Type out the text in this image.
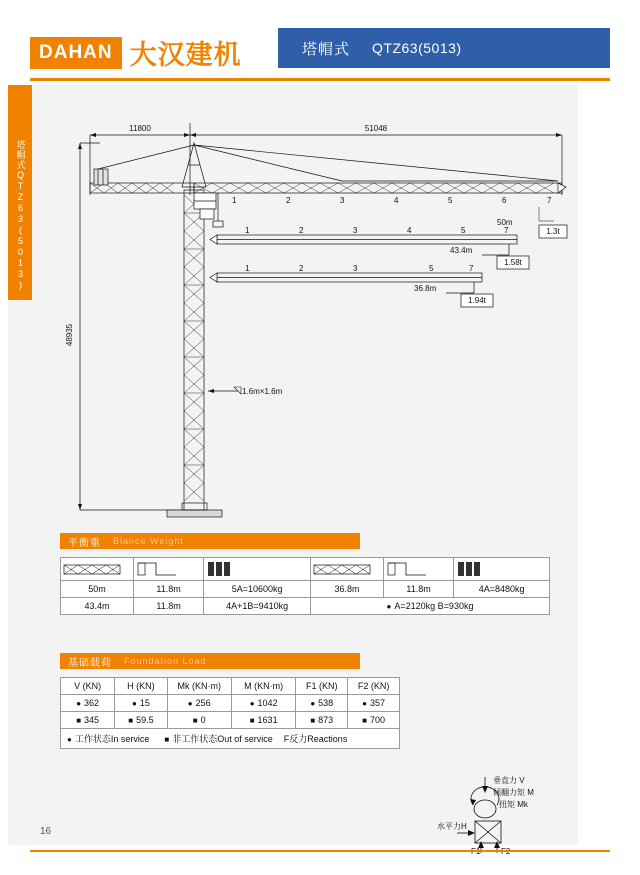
DAHAN 大汉建机	塔帽式 QTZ63(5013)
塔帽式
QTZ63(5013)
11800	51048
48935
1.6m×1.6m
1	2	3	4	5	6	7
50m
1.3t
1	2	3	4	5	7
43.4m
1.58t
1	2	3	5	7
36.8m
1.94t
平衡重 Blance Weight

50m	11.8m	5A=10600kg	36.8m	11.8m	4A=8480kg
43.4m	11.8m	4A+1B=9410kg	● A=2120kg B=930kg
基础载荷 Foundation Load
V (KN)	H (KN)	Mk (KN·m)	M (KN·m)	F1 (KN)	F2 (KN)
● 362	● 15	● 256	● 1042	● 538	● 357
■ 345	■ 59.5	■ 0	■ 1631	■ 873	■ 700
● 工作状态In service ■ 非工作状态Out of service F反力Reactions
垂直力 V
倾翻力矩 M
扭矩 Mk
水平力H
16
